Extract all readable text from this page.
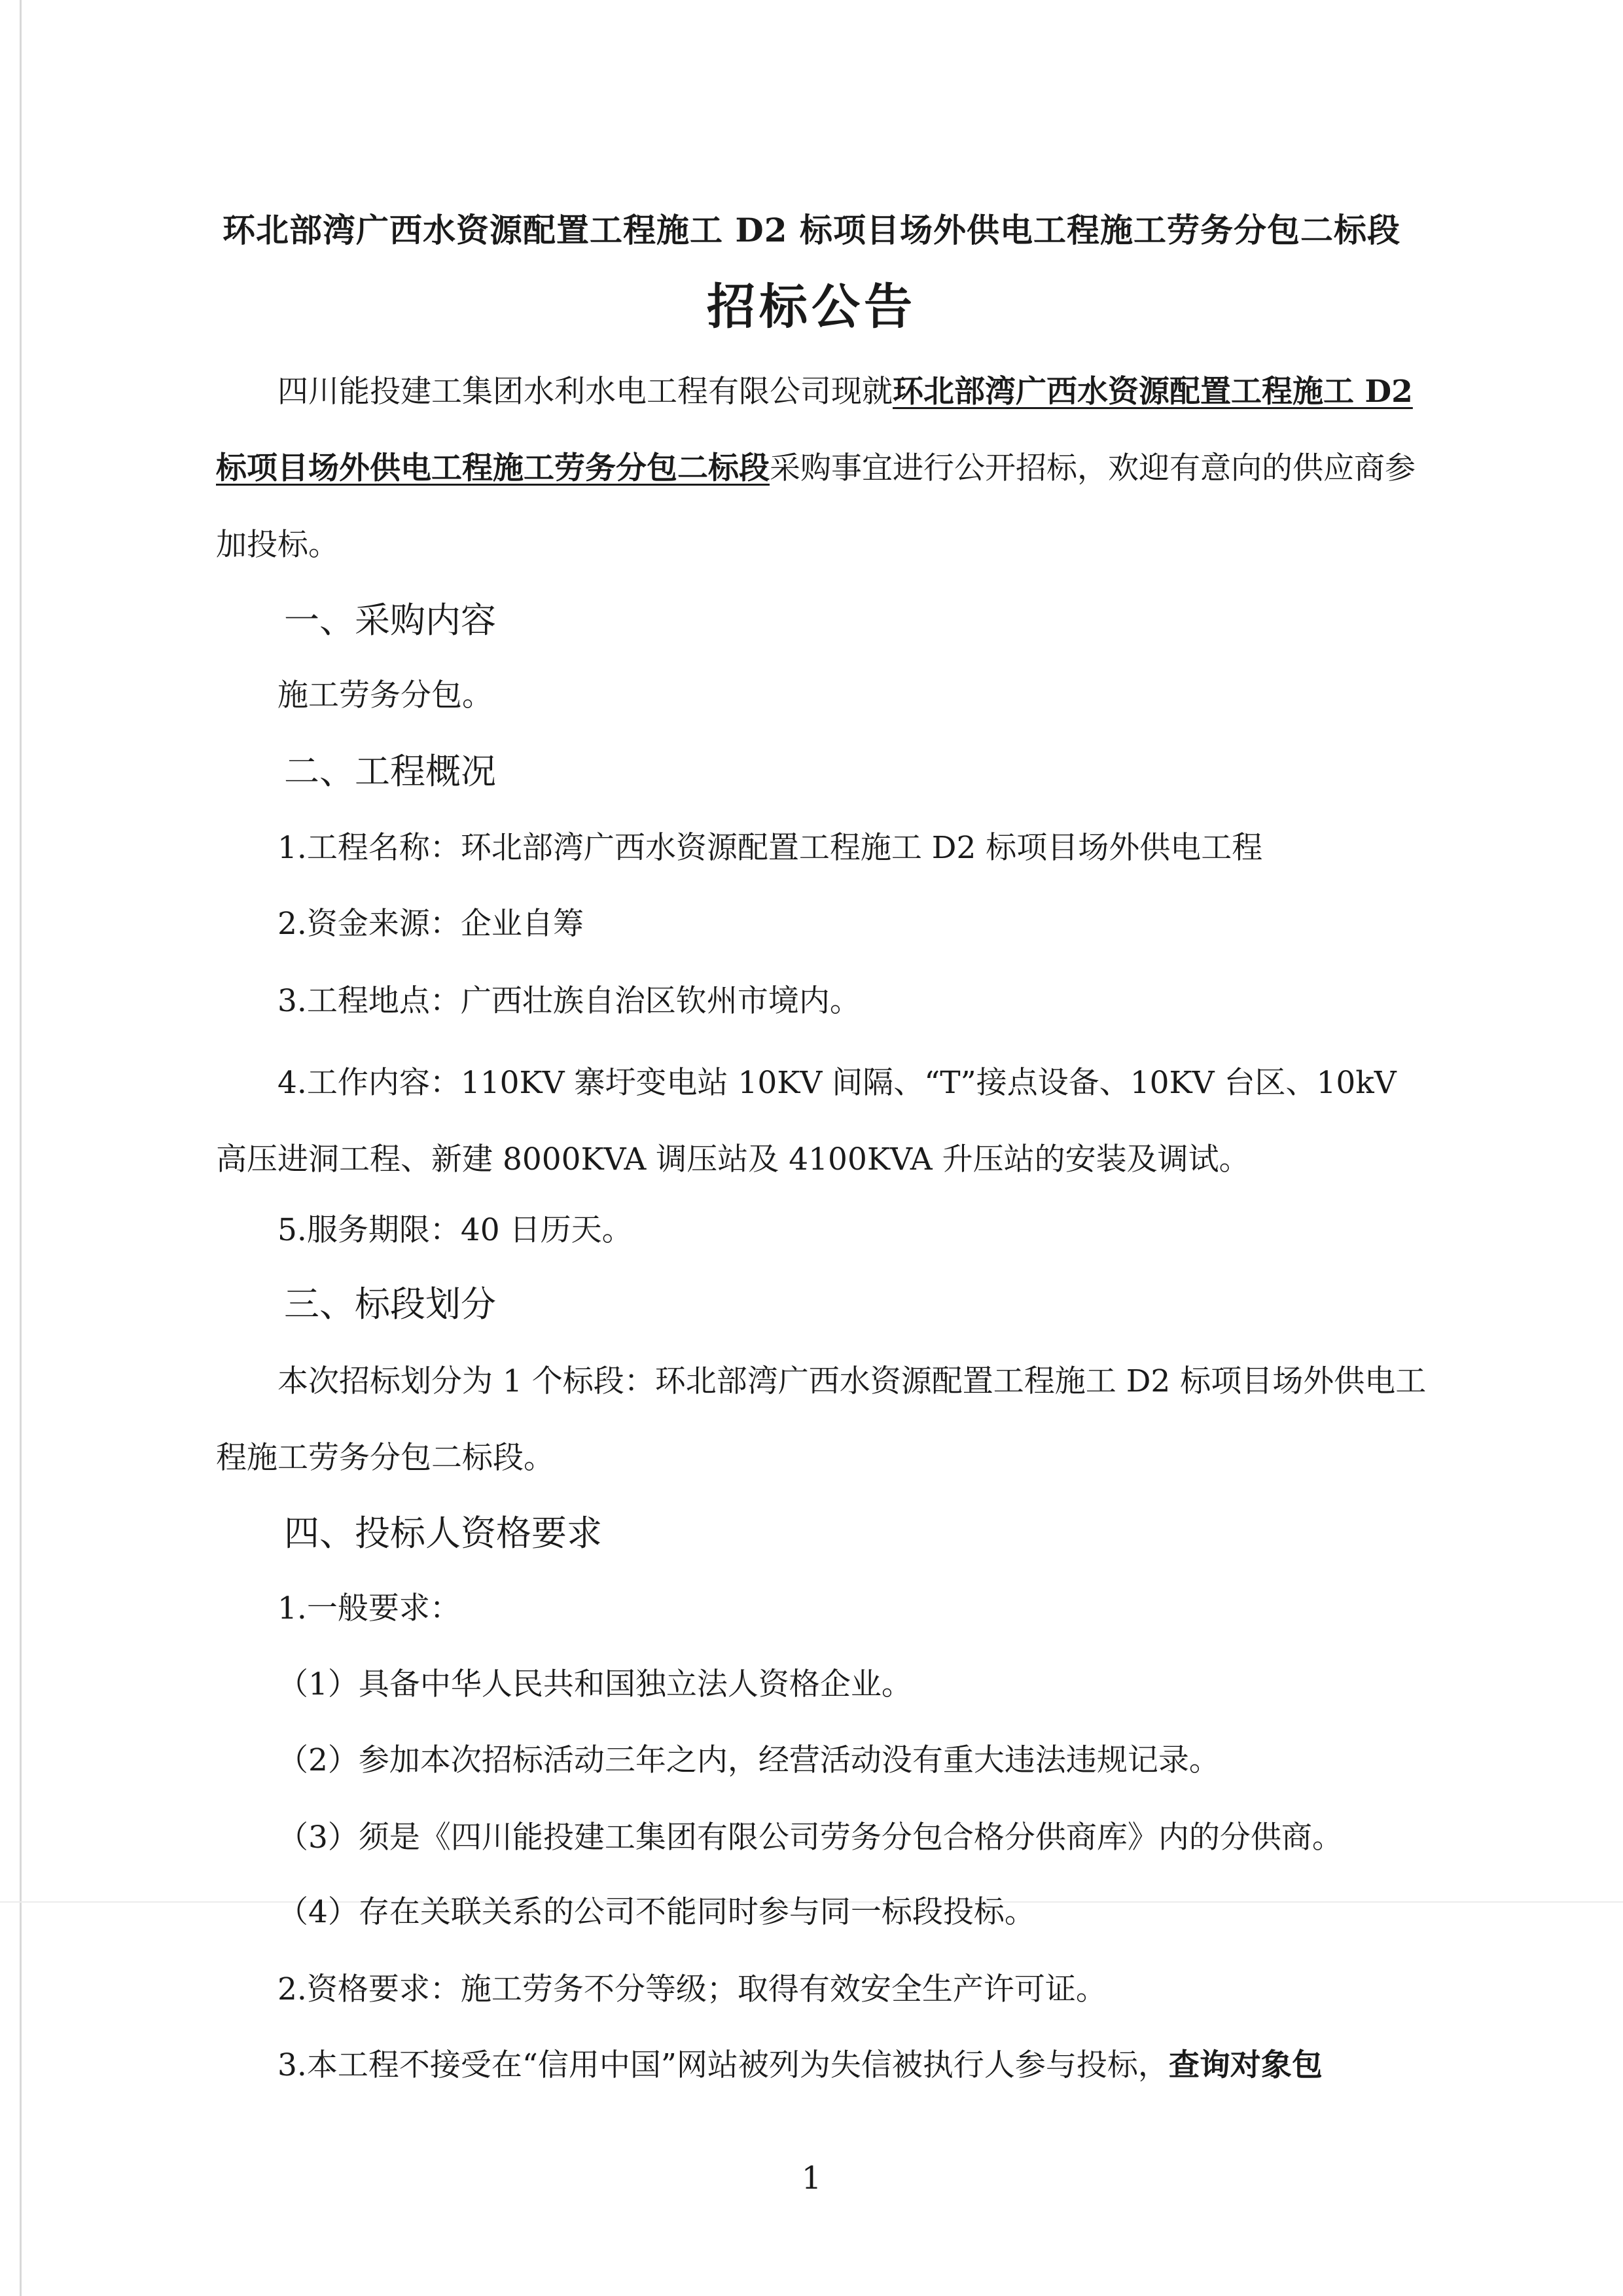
环北部湾广西水资源配置工程施工 D2 标项目场外供电工程施工劳务分包二标段
招标公告
四川能投建工集团水利水电工程有限公司现就环北部湾广西水资源配置工程施工 D2 标项目场外供电工程施工劳务分包二标段采购事宜进行公开招标，欢迎有意向的供应商参加投标。
一、采购内容
施工劳务分包。
二、工程概况
1.工程名称：环北部湾广西水资源配置工程施工 D2 标项目场外供电工程
2.资金来源：企业自筹
3.工程地点：广西壮族自治区钦州市境内。
4.工作内容：110KV 寨圩变电站 10KV 间隔、“T”接点设备、10KV 台区、10kV 高压进洞工程、新建 8000KVA 调压站及 4100KVA 升压站的安装及调试。
5.服务期限：40 日历天。
三、标段划分
本次招标划分为 1 个标段：环北部湾广西水资源配置工程施工 D2 标项目场外供电工程施工劳务分包二标段。
四、投标人资格要求
1.一般要求：
（1）具备中华人民共和国独立法人资格企业。
（2）参加本次招标活动三年之内，经营活动没有重大违法违规记录。
（3）须是《四川能投建工集团有限公司劳务分包合格分供商库》内的分供商。
（4）存在关联关系的公司不能同时参与同一标段投标。
2.资格要求：施工劳务不分等级；取得有效安全生产许可证。
3.本工程不接受在“信用中国”网站被列为失信被执行人参与投标，查询对象包
1
